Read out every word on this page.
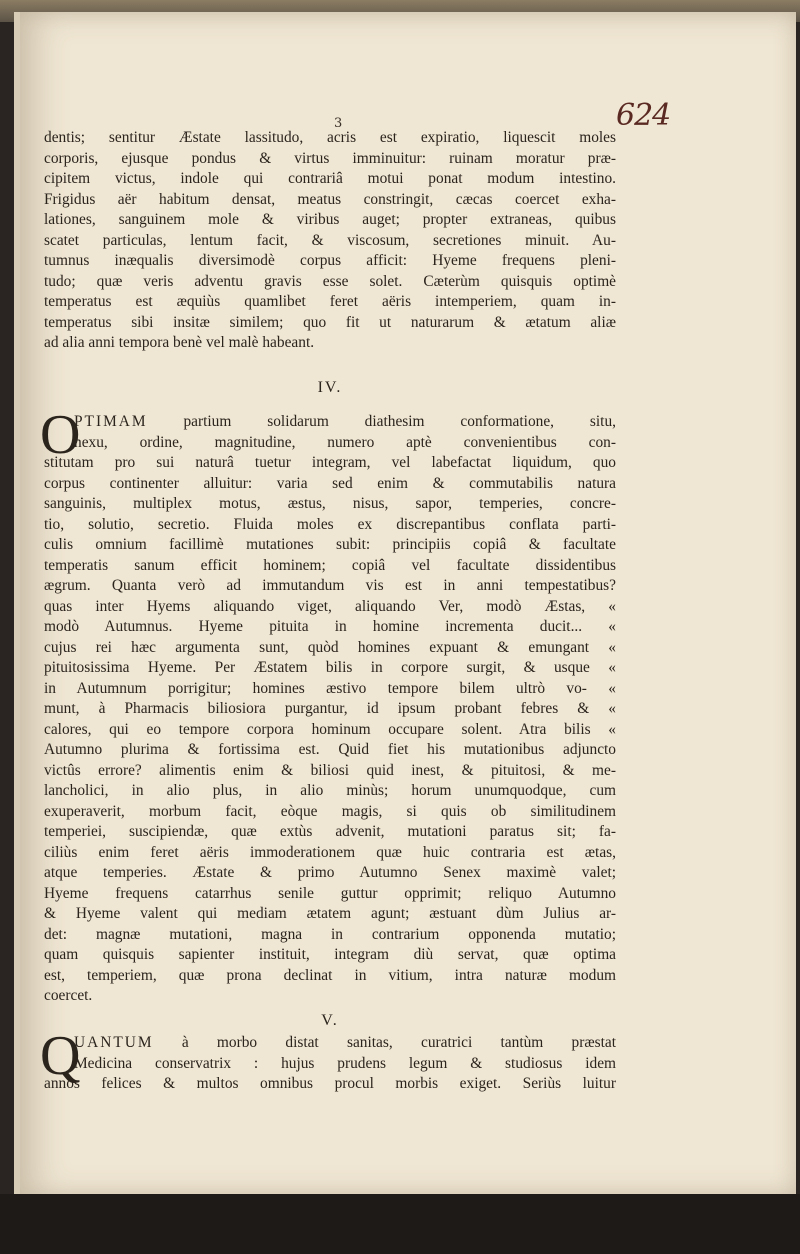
624
3
dentis; sentitur Æstate lassitudo, acris est expiratio, liquescit moles
corporis, ejusque pondus & virtus imminuitur: ruinam moratur præ-
cipitem victus, indole qui contrariâ motui ponat modum intestino.
Frigidus aër habitum densat, meatus constringit, cæcas coercet exha-
lationes, sanguinem mole & viribus auget; propter extraneas, quibus
scatet particulas, lentum facit, & viscosum, secretiones minuit. Au-
tumnus inæqualis diversimodè corpus afficit: Hyeme frequens pleni-
tudo; quæ veris adventu gravis esse solet. Cæterùm quisquis optimè
temperatus est æquiùs quamlibet feret aëris intemperiem, quam in-
temperatus sibi insitæ similem; quo fit ut naturarum & ætatum aliæ
ad alia anni tempora benè vel malè habeant.
IV.
O
PTIMAM partium solidarum diathesim conformatione, situ,
nexu, ordine, magnitudine, numero aptè convenientibus con-
stitutam pro sui naturâ tuetur integram, vel labefactat liquidum, quo
corpus continenter alluitur: varia sed enim & commutabilis natura
sanguinis, multiplex motus, æstus, nisus, sapor, temperies, concre-
tio, solutio, secretio. Fluida moles ex discrepantibus conflata parti-
culis omnium facillimè mutationes subit: principiis copiâ & facultate
temperatis sanum efficit hominem; copiâ vel facultate dissidentibus
ægrum. Quanta verò ad immutandum vis est in anni tempestatibus?
quas inter Hyems aliquando viget, aliquando Ver, modò Æstas, «
modò Autumnus. Hyeme pituita in homine incrementa ducit... «
cujus rei hæc argumenta sunt, quòd homines expuant & emungant «
pituitosissima Hyeme. Per Æstatem bilis in corpore surgit, & usque «
in Autumnum porrigitur; homines æstivo tempore bilem ultrò vo- «
munt, à Pharmacis biliosiora purgantur, id ipsum probant febres & «
calores, qui eo tempore corpora hominum occupare solent. Atra bilis «
Autumno plurima & fortissima est. Quid fiet his mutationibus adjuncto
victûs errore? alimentis enim & biliosi quid inest, & pituitosi, & me-
lancholici, in alio plus, in alio minùs; horum unumquodque, cum
exuperaverit, morbum facit, eòque magis, si quis ob similitudinem
temperiei, suscipiendæ, quæ extùs advenit, mutationi paratus sit; fa-
ciliùs enim feret aëris immoderationem quæ huic contraria est ætas,
atque temperies. Æstate & primo Autumno Senex maximè valet;
Hyeme frequens catarrhus senile guttur opprimit; reliquo Autumno
& Hyeme valent qui mediam ætatem agunt; æstuant dùm Julius ar-
det: magnæ mutationi, magna in contrarium opponenda mutatio;
quam quisquis sapienter instituit, integram diù servat, quæ optima
est, temperiem, quæ prona declinat in vitium, intra naturæ modum
coercet.
V.
Q
UANTUM à morbo distat sanitas, curatrici tantùm præstat
Medicina conservatrix : hujus prudens legum & studiosus idem
annos felices & multos omnibus procul morbis exiget. Seriùs luitur
